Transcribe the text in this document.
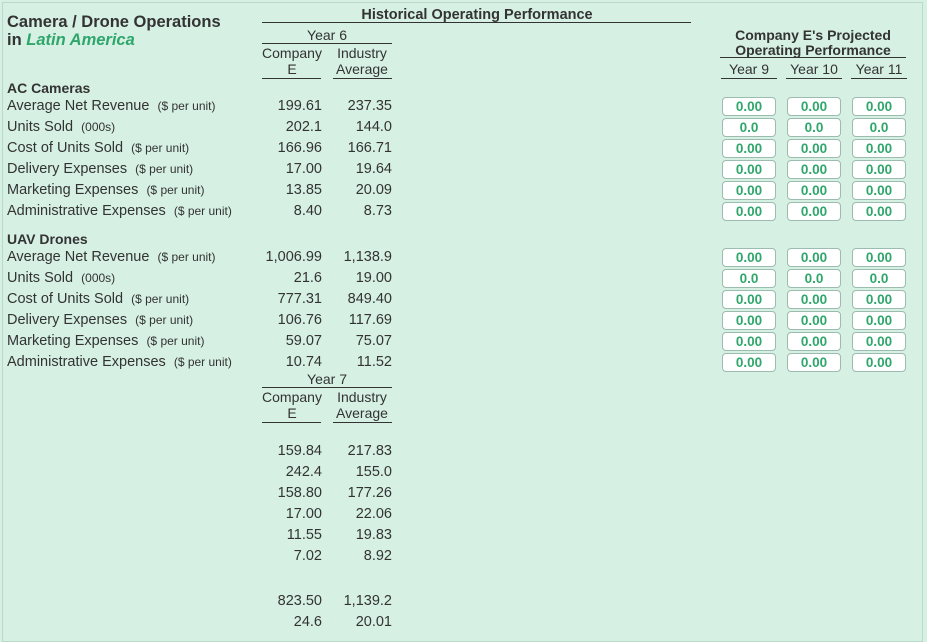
Camera / Drone Operations
in Latin America
Historical Operating Performance
Year 6
Company
E
Industry
Average
Company E's Projected
Operating Performance
Year 9	Year 10	Year 11
AC Cameras
Average Net Revenue ($ per unit)	199.61	237.35	0.00	0.00	0.00
Units Sold (000s)	202.1	144.0	0.0	0.0	0.0
Cost of Units Sold ($ per unit)	166.96	166.71	0.00	0.00	0.00
Delivery Expenses ($ per unit)	17.00	19.64	0.00	0.00	0.00
Marketing Expenses ($ per unit)	13.85	20.09	0.00	0.00	0.00
Administrative Expenses ($ per unit)	8.40	8.73	0.00	0.00	0.00
UAV Drones
Average Net Revenue ($ per unit)	1,006.99	1,138.9	0.00	0.00	0.00
Units Sold (000s)	21.6	19.00	0.0	0.0	0.0
Cost of Units Sold ($ per unit)	777.31	849.40	0.00	0.00	0.00
Delivery Expenses ($ per unit)	106.76	117.69	0.00	0.00	0.00
Marketing Expenses ($ per unit)	59.07	75.07	0.00	0.00	0.00
Administrative Expenses ($ per unit)	10.74	11.52	0.00	0.00	0.00
Year 7
Company
E
Industry
Average
159.84	217.83
242.4	155.0
158.80	177.26
17.00	22.06
11.55	19.83
7.02	8.92
823.50	1,139.2
24.6	20.01
